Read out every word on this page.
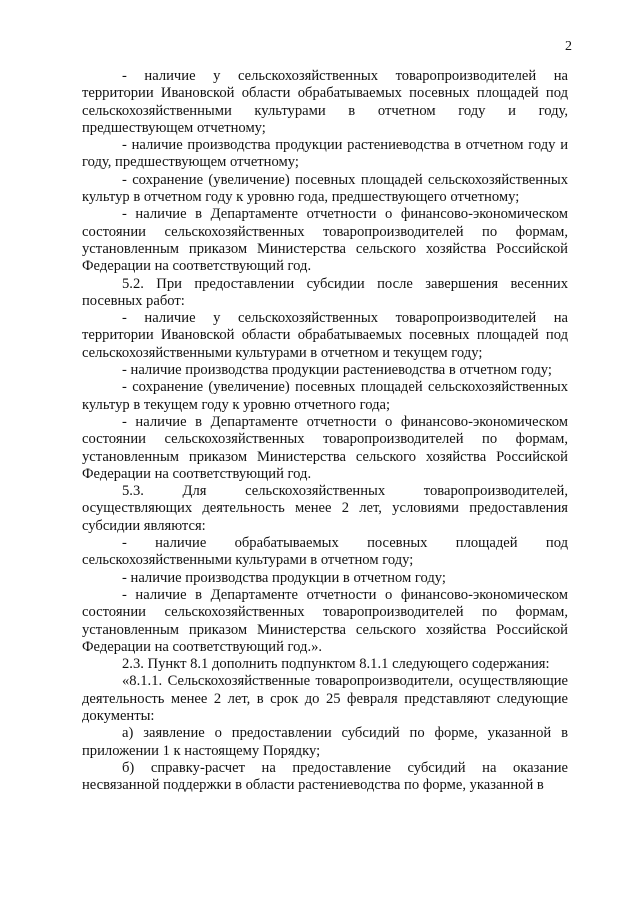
2

- наличие у сельскохозяйственных товаропроизводителей на территории Ивановской области обрабатываемых посевных площадей под сельскохозяйственными культурами в отчетном году и году, предшествующем отчетному;

- наличие производства продукции растениеводства в отчетном году и году, предшествующем отчетному;

- сохранение (увеличение) посевных площадей сельскохозяйственных культур в отчетном году к уровню года, предшествующего отчетному;

- наличие в Департаменте отчетности о финансово-экономическом состоянии сельскохозяйственных товаропроизводителей по формам, установленным приказом Министерства сельского хозяйства Российской Федерации на соответствующий год.

5.2. При предоставлении субсидии после завершения весенних посевных работ:

- наличие у сельскохозяйственных товаропроизводителей на территории Ивановской области обрабатываемых посевных площадей под сельскохозяйственными культурами в отчетном и текущем году;

- наличие производства продукции растениеводства в отчетном году;

- сохранение (увеличение) посевных площадей сельскохозяйственных культур в текущем году к уровню отчетного года;

- наличие в Департаменте отчетности о финансово-экономическом состоянии сельскохозяйственных товаропроизводителей по формам, установленным приказом Министерства сельского хозяйства Российской Федерации на соответствующий год.

5.3. Для сельскохозяйственных товаропроизводителей, осуществляющих деятельность менее 2 лет, условиями предоставления субсидии являются:

- наличие обрабатываемых посевных площадей под сельскохозяйственными культурами в отчетном году;

- наличие производства продукции в отчетном году;

- наличие в Департаменте отчетности о финансово-экономическом состоянии сельскохозяйственных товаропроизводителей по формам, установленным приказом Министерства сельского хозяйства Российской Федерации на соответствующий год.».

2.3. Пункт 8.1 дополнить подпунктом 8.1.1 следующего содержания:

«8.1.1. Сельскохозяйственные товаропроизводители, осуществляющие деятельность менее 2 лет, в срок до 25 февраля представляют следующие документы:

а) заявление о предоставлении субсидий по форме, указанной в приложении 1 к настоящему Порядку;

б) справку-расчет на предоставление субсидий на оказание несвязанной поддержки в области растениеводства по форме, указанной в
